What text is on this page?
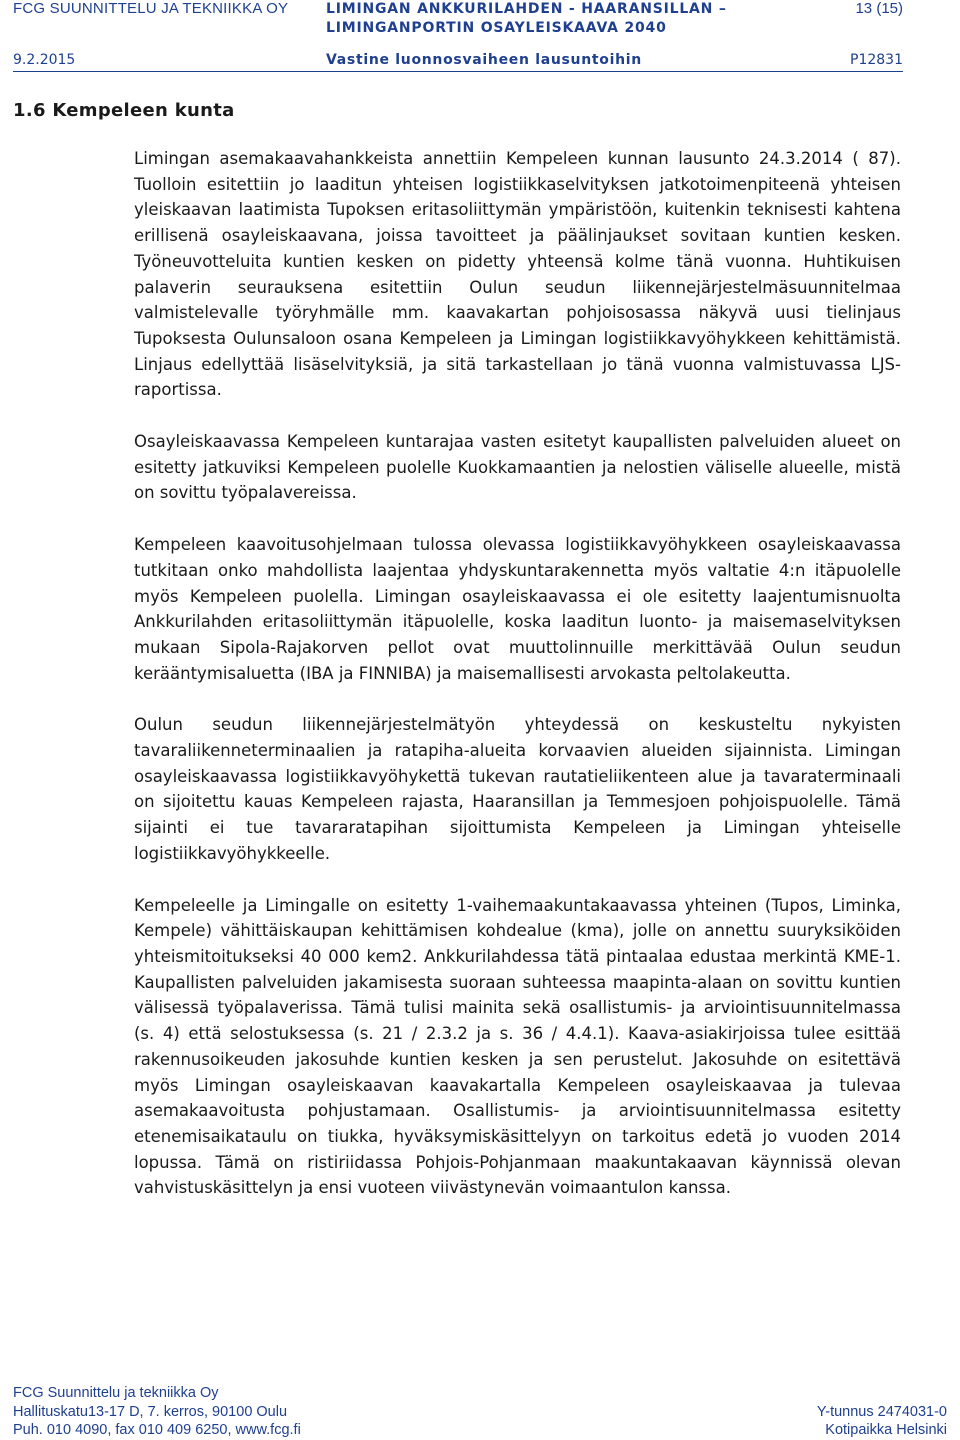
FCG SUUNNITTELU JA TEKNIIKKA OY	LIMINGAN ANKKURILAHDEN - HAARANSILLAN –
LIMINGANPORTIN OSAYLEISKAAVA 2040
13 (15)
9.2.2015	Vastine luonnosvaiheen lausuntoihin	P12831
1.6 Kempeleen kunta

Limingan asemakaavahankkeista annettiin Kempeleen kunnan lausunto 24.3.2014 ( 87). Tuolloin esitettiin jo laaditun yhteisen logistiikkaselvityksen jatkotoimenpiteenä yhteisen yleiskaavan laatimista Tupoksen eritasoliittymän ympäristöön, kuitenkin teknisesti kahtena erillisenä osayleiskaavana, joissa tavoitteet ja päälinjaukset sovitaan kuntien kesken. Työneuvotteluita kuntien kesken on pidetty yhteensä kolme tänä vuonna. Huhtikuisen palaverin seurauksena esitettiin Oulun seudun liikennejärjestelmäsuunnitelmaa valmistelevalle työryhmälle mm. kaavakartan pohjoisosassa näkyvä uusi tielinjaus Tupoksesta Oulunsaloon osana Kempeleen ja Limingan logistiikkavyöhykkeen kehittämistä. Linjaus edellyttää lisäselvityksiä, ja sitä tarkastellaan jo tänä vuonna valmistuvassa LJS-raportissa.

Osayleiskaavassa Kempeleen kuntarajaa vasten esitetyt kaupallisten palveluiden alueet on esitetty jatkuviksi Kempeleen puolelle Kuokkamaantien ja nelostien väliselle alueelle, mistä on sovittu työpalavereissa.

Kempeleen kaavoitusohjelmaan tulossa olevassa logistiikkavyöhykkeen osayleiskaavassa tutkitaan onko mahdollista laajentaa yhdyskuntarakennetta myös valtatie 4:n itäpuolelle myös Kempeleen puolella. Limingan osayleiskaavassa ei ole esitetty laajentumisnuolta Ankkurilahden eritasoliittymän itäpuolelle, koska laaditun luonto- ja maisemaselvityksen mukaan Sipola-Rajakorven pellot ovat muuttolinnuille merkittävää Oulun seudun kerääntymisaluetta (IBA ja FINNIBA) ja maisemallisesti arvokasta peltolakeutta.

Oulun seudun liikennejärjestelmätyön yhteydessä on keskusteltu nykyisten tavaraliikenneterminaalien ja ratapiha-alueita korvaavien alueiden sijainnista. Limingan osayleiskaavassa logistiikkavyöhykettä tukevan rautatieliikenteen alue ja tavaraterminaali on sijoitettu kauas Kempeleen rajasta, Haaransillan ja Temmesjoen pohjoispuolelle. Tämä sijainti ei tue tavararatapihan sijoittumista Kempeleen ja Limingan yhteiselle logistiikkavyöhykkeelle.

Kempeleelle ja Limingalle on esitetty 1-vaihemaakuntakaavassa yhteinen (Tupos, Liminka, Kempele) vähittäiskaupan kehittämisen kohdealue (kma), jolle on annettu suuryksiköiden yhteismitoitukseksi 40 000 kem2. Ankkurilahdessa tätä pintaalaa edustaa merkintä KME-1. Kaupallisten palveluiden jakamisesta suoraan suhteessa maapinta-alaan on sovittu kuntien välisessä työpalaverissa. Tämä tulisi mainita sekä osallistumis- ja arviointisuunnitelmassa (s. 4) että selostuksessa (s. 21 / 2.3.2 ja s. 36 / 4.4.1). Kaava-asiakirjoissa tulee esittää rakennusoikeuden jakosuhde kuntien kesken ja sen perustelut. Jakosuhde on esitettävä myös Limingan osayleiskaavan kaavakartalla Kempeleen osayleiskaavaa ja tulevaa asemakaavoitusta pohjustamaan. Osallistumis- ja arviointisuunnitelmassa esitetty etenemisaikataulu on tiukka, hyväksymiskäsittelyyn on tarkoitus edetä jo vuoden 2014 lopussa. Tämä on ristiriidassa Pohjois-Pohjanmaan maakuntakaavan käynnissä olevan vahvistuskäsittelyn ja ensi vuoteen viivästynevän voimaantulon kanssa.

FCG Suunnittelu ja tekniikka Oy
Hallituskatu13-17 D, 7. kerros, 90100 Oulu
Puh. 010 4090, fax 010 409 6250, www.fcg.fi
Y-tunnus 2474031-0
Kotipaikka Helsinki
